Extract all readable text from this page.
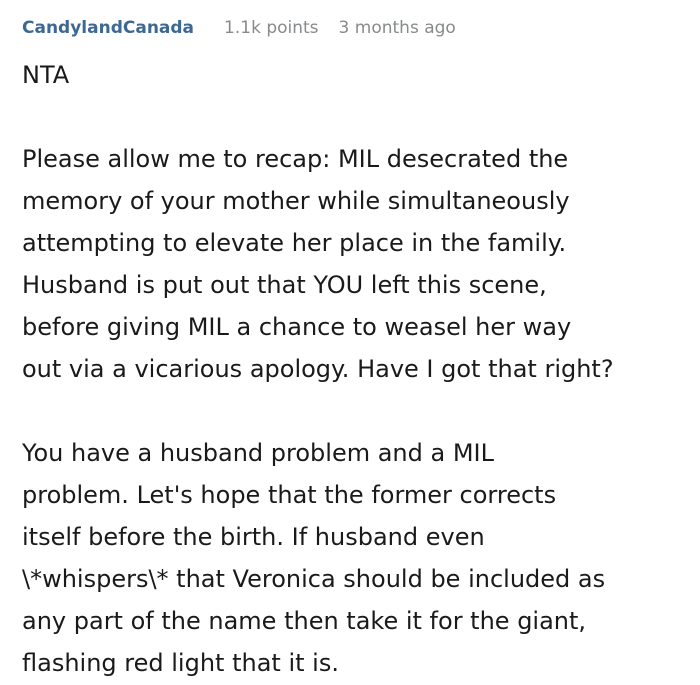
CandylandCanada 1.1k points 3 months ago
NTA
Please allow me to recap: MIL desecrated the
memory of your mother while simultaneously
attempting to elevate her place in the family.
Husband is put out that YOU left this scene,
before giving MIL a chance to weasel her way
out via a vicarious apology. Have I got that right?
You have a husband problem and a MIL
problem. Let's hope that the former corrects
itself before the birth. If husband even
\*whispers\* that Veronica should be included as
any part of the name then take it for the giant,
flashing red light that it is.
